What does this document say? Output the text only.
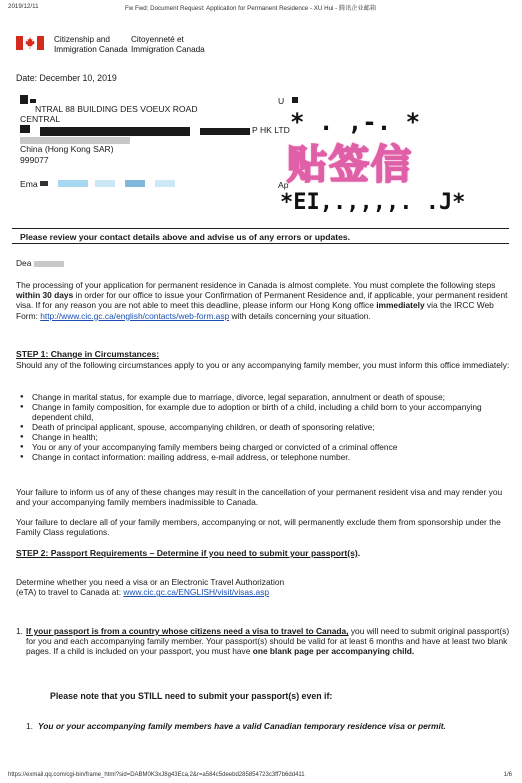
2019/12/11	Fw Fwd: Document Request: Application for Permanent Residence - XU Hui - 腾讯企业邮箱
Citizenship and
Immigration Canada
Citoyenneté et
Immigration Canada
Date: December 10, 2019
NTRAL 88 BUILDING DES VOEUX ROAD
CENTRAL
P HK LTD
China (Hong Kong SAR)
999077
Ema
U
* . ,-. *
贴签信
Ap
*EI,.,,,,. .J*
Please review your contact details above and advise us of any errors or updates.
Dea
The processing of your application for permanent residence in Canada is almost complete. You must complete the following steps within 30 days in order for our office to issue your Confirmation of Permanent Residence and, if applicable, your permanent resident visa. If for any reason you are not able to meet this deadline, please inform our Hong Kong office immediately via the IRCC Web Form: http://www.cic.gc.ca/english/contacts/web-form.asp with details concerning your situation.
STEP 1: Change in Circumstances:
Should any of the following circumstances apply to you or any accompanying family member, you must inform this office immediately:
● Change in marital status, for example due to marriage, divorce, legal separation, annulment or death of spouse;
● Change in family composition, for example due to adoption or birth of a child, including a child born to your accompanying dependent child,
● Death of principal applicant, spouse, accompanying children, or death of sponsoring relative;
● Change in health;
● You or any of your accompanying family members being charged or convicted of a criminal offence
● Change in contact information: mailing address, e-mail address, or telephone number.
Your failure to inform us of any of these changes may result in the cancellation of your permanent resident visa and may render you and your accompanying family members inadmissible to Canada.
Your failure to declare all of your family members, accompanying or not, will permanently exclude them from sponsorship under the Family Class regulations.
STEP 2: Passport Requirements – Determine if you need to submit your passport(s).
Determine whether you need a visa or an Electronic Travel Authorization (eTA) to travel to Canada at: www.cic.gc.ca/ENGLISH/visit/visas.asp
1. If your passport is from a country whose citizens need a visa to travel to Canada, you will need to submit original passport(s) for you and each accompanying family member. Your passport(s) should be valid for at least 6 months and have at least two blank pages. If a child is included on your passport, you must have one blank page per accompanying child.
Please note that you STILL need to submit your passport(s) even if:
1. You or your accompanying family members have a valid Canadian temporary residence visa or permit.
https://exmail.qq.com/cgi-bin/frame_html?sid=DABM0K3xJ8g43Eca,2&r=a584c5deebd285854723c3ff7b6dd411	1/6
